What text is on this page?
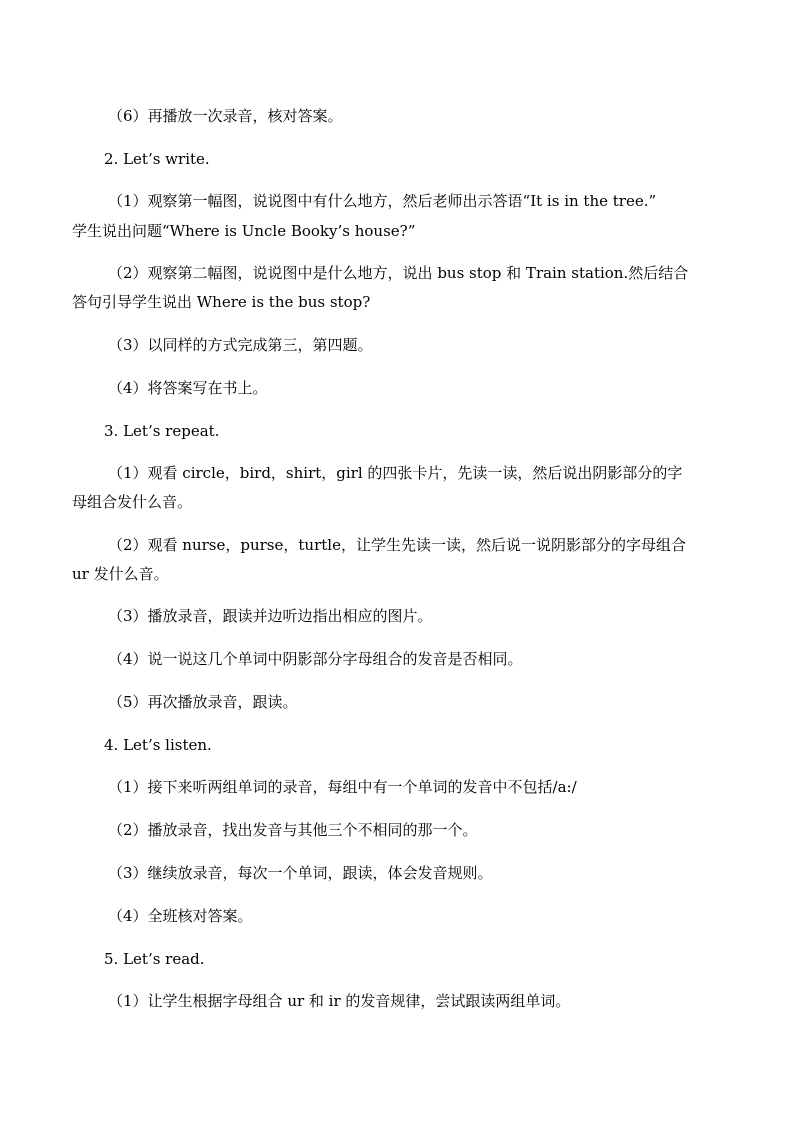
（6）再播放一次录音，核对答案。
2. Let’s write.
（1）观察第一幅图，说说图中有什么地方，然后老师出示答语“It is in the tree.”
学生说出问题“Where is Uncle Booky’s house?”
（2）观察第二幅图，说说图中是什么地方，说出 bus stop 和 Train station.然后结合
答句引导学生说出 Where is the bus stop?
（3）以同样的方式完成第三，第四题。
（4）将答案写在书上。
3. Let’s repeat.
（1）观看 circle，bird，shirt，girl 的四张卡片，先读一读，然后说出阴影部分的字
母组合发什么音。
（2）观看 nurse，purse，turtle，让学生先读一读，然后说一说阴影部分的字母组合
ur 发什么音。
（3）播放录音，跟读并边听边指出相应的图片。
（4）说一说这几个单词中阴影部分字母组合的发音是否相同。
（5）再次播放录音，跟读。
4. Let’s listen.
（1）接下来听两组单词的录音，每组中有一个单词的发音中不包括/a:/
（2）播放录音，找出发音与其他三个不相同的那一个。
（3）继续放录音，每次一个单词，跟读，体会发音规则。
（4）全班核对答案。
5. Let’s read.
（1）让学生根据字母组合 ur 和 ir 的发音规律，尝试跟读两组单词。
